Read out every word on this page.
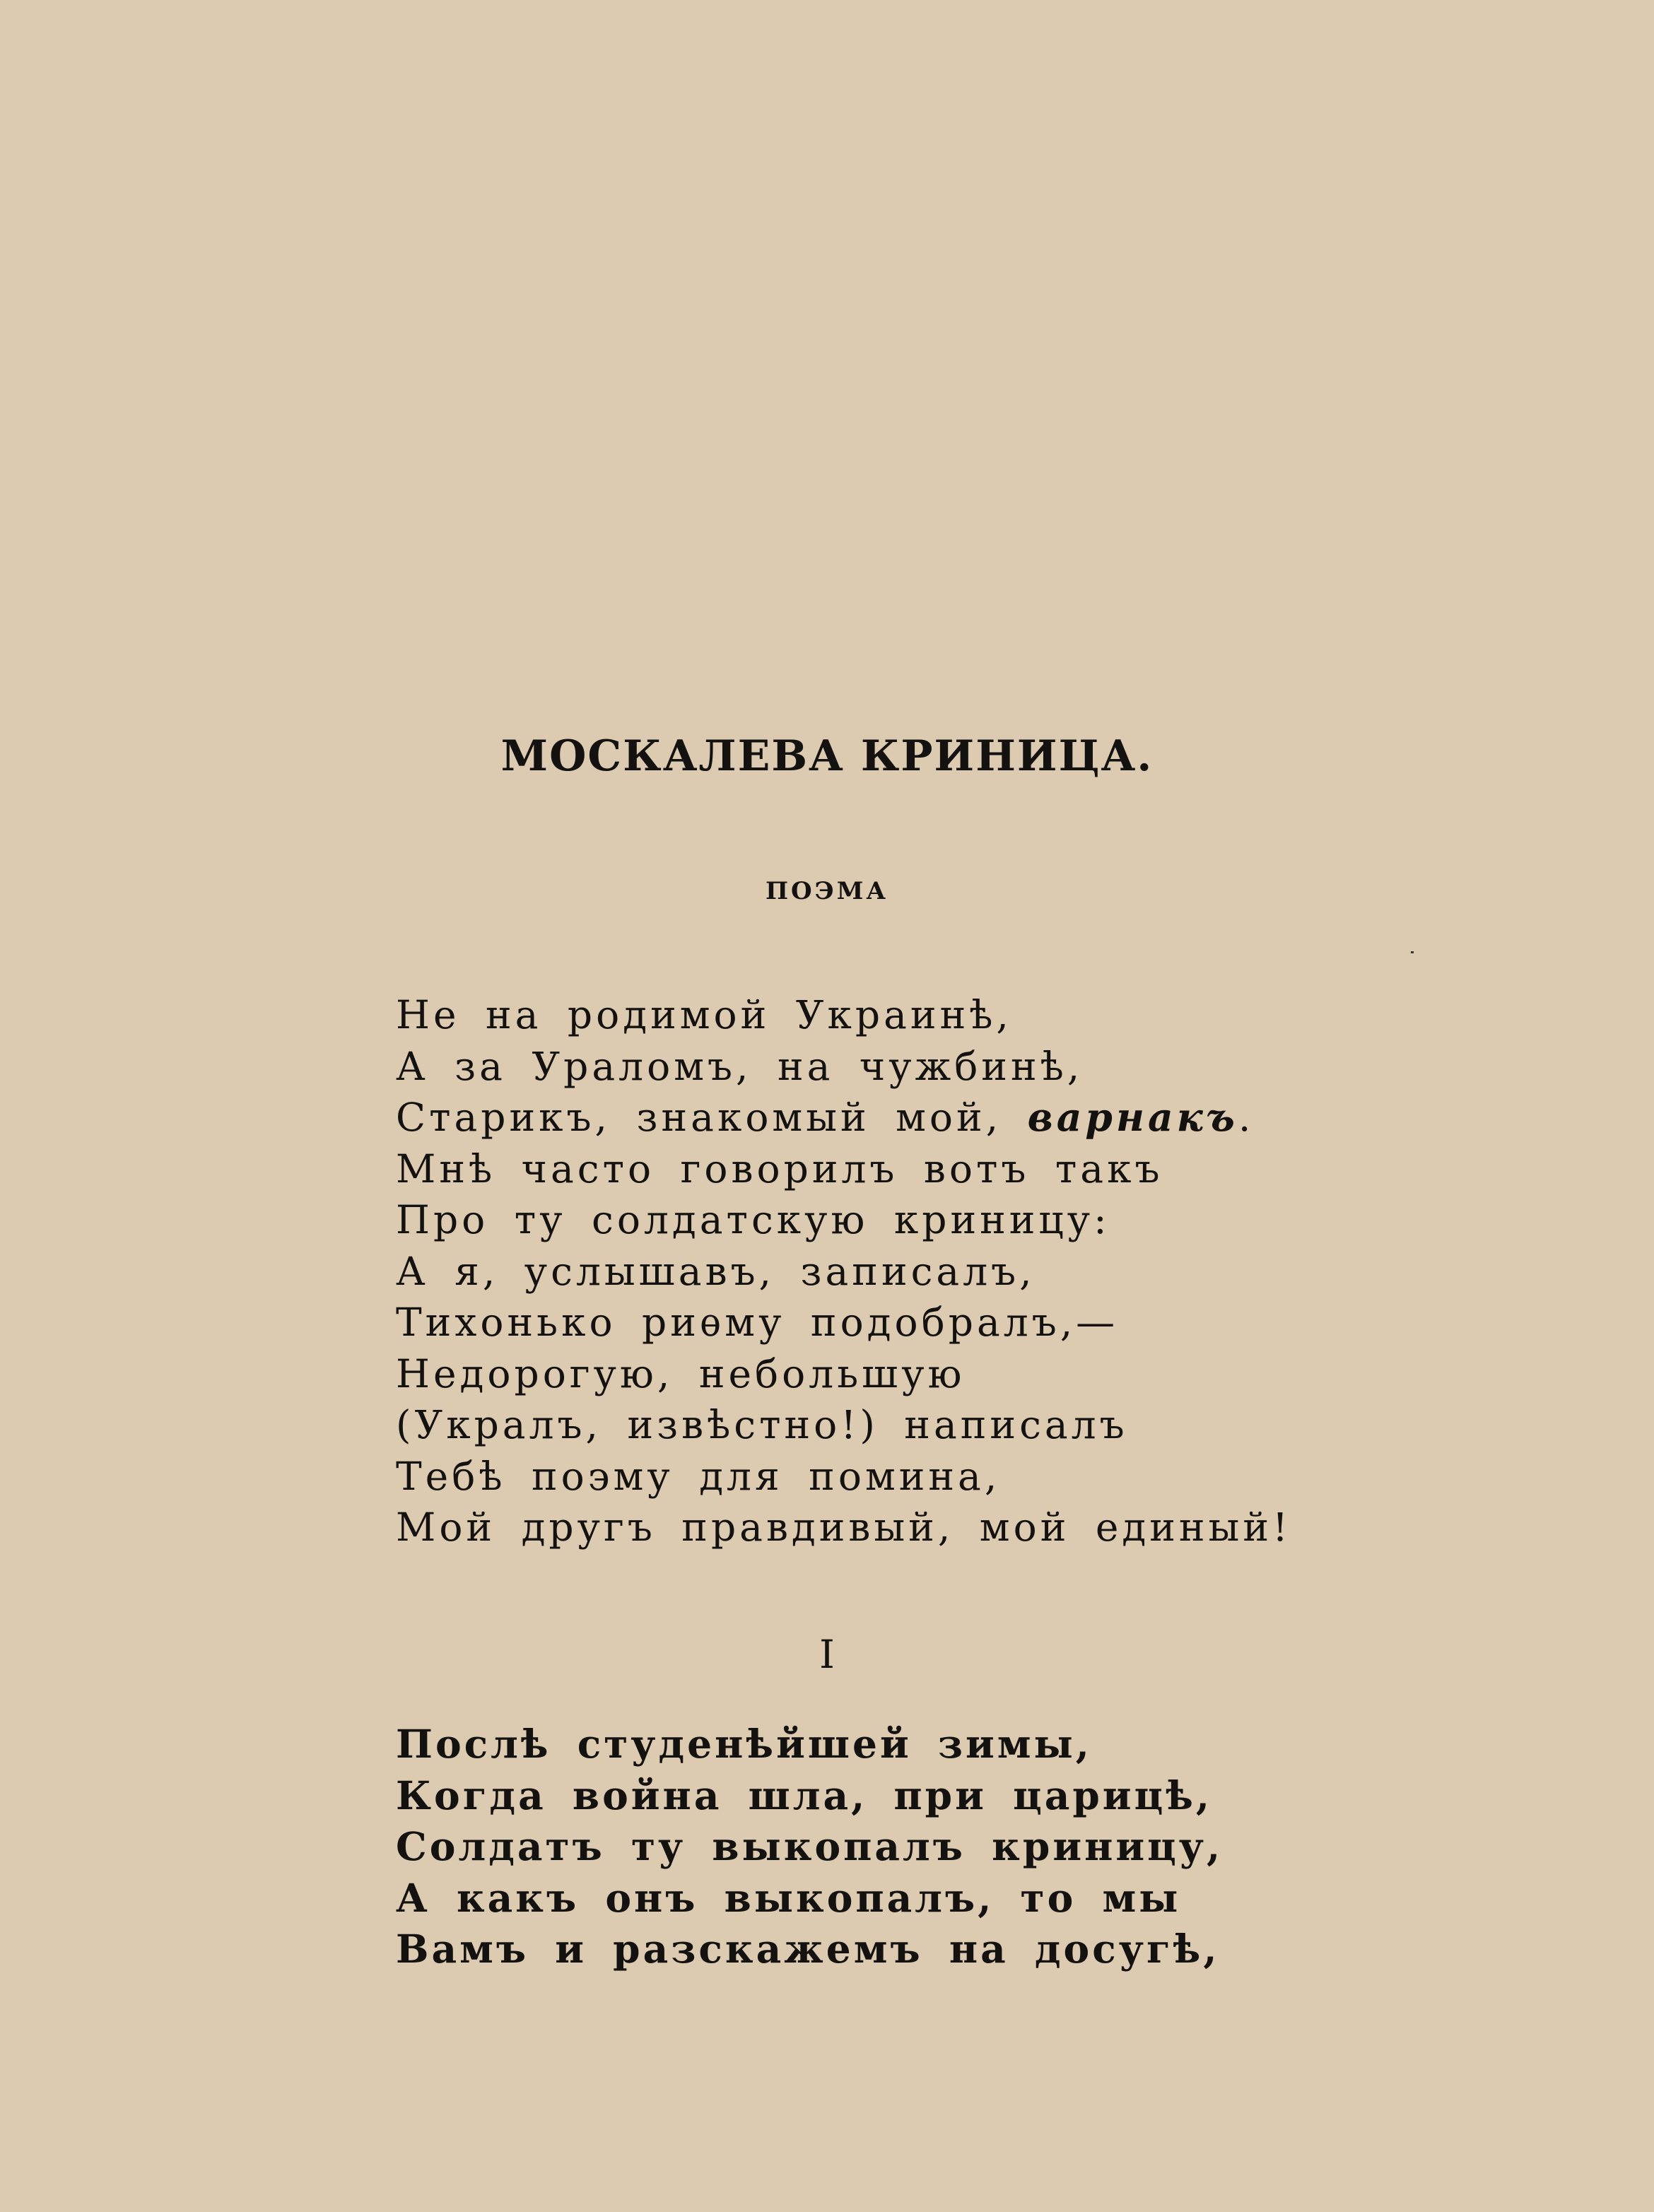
МОСКАЛЕВА КРИНИЦА.
ПОЭМА
Не на родимой Украинѣ,
А за Ураломъ, на чужбинѣ,
Старикъ, знакомый мой, варнакъ.
Мнѣ часто говорилъ вотъ такъ
Про ту солдатскую криницу:
А я, услышавъ, записалъ,
Тихонько риѳму подобралъ,—
Недорогую, небольшую
(Укралъ, извѣстно!) написалъ
Тебѣ поэму для помина,
Мой другъ правдивый, мой единый!
I
Послѣ студенѣйшей зимы,
Когда война шла, при царицѣ,
Солдатъ ту выкопалъ криницу,
А какъ онъ выкопалъ, то мы
Вамъ и разскажемъ на досугѣ,
